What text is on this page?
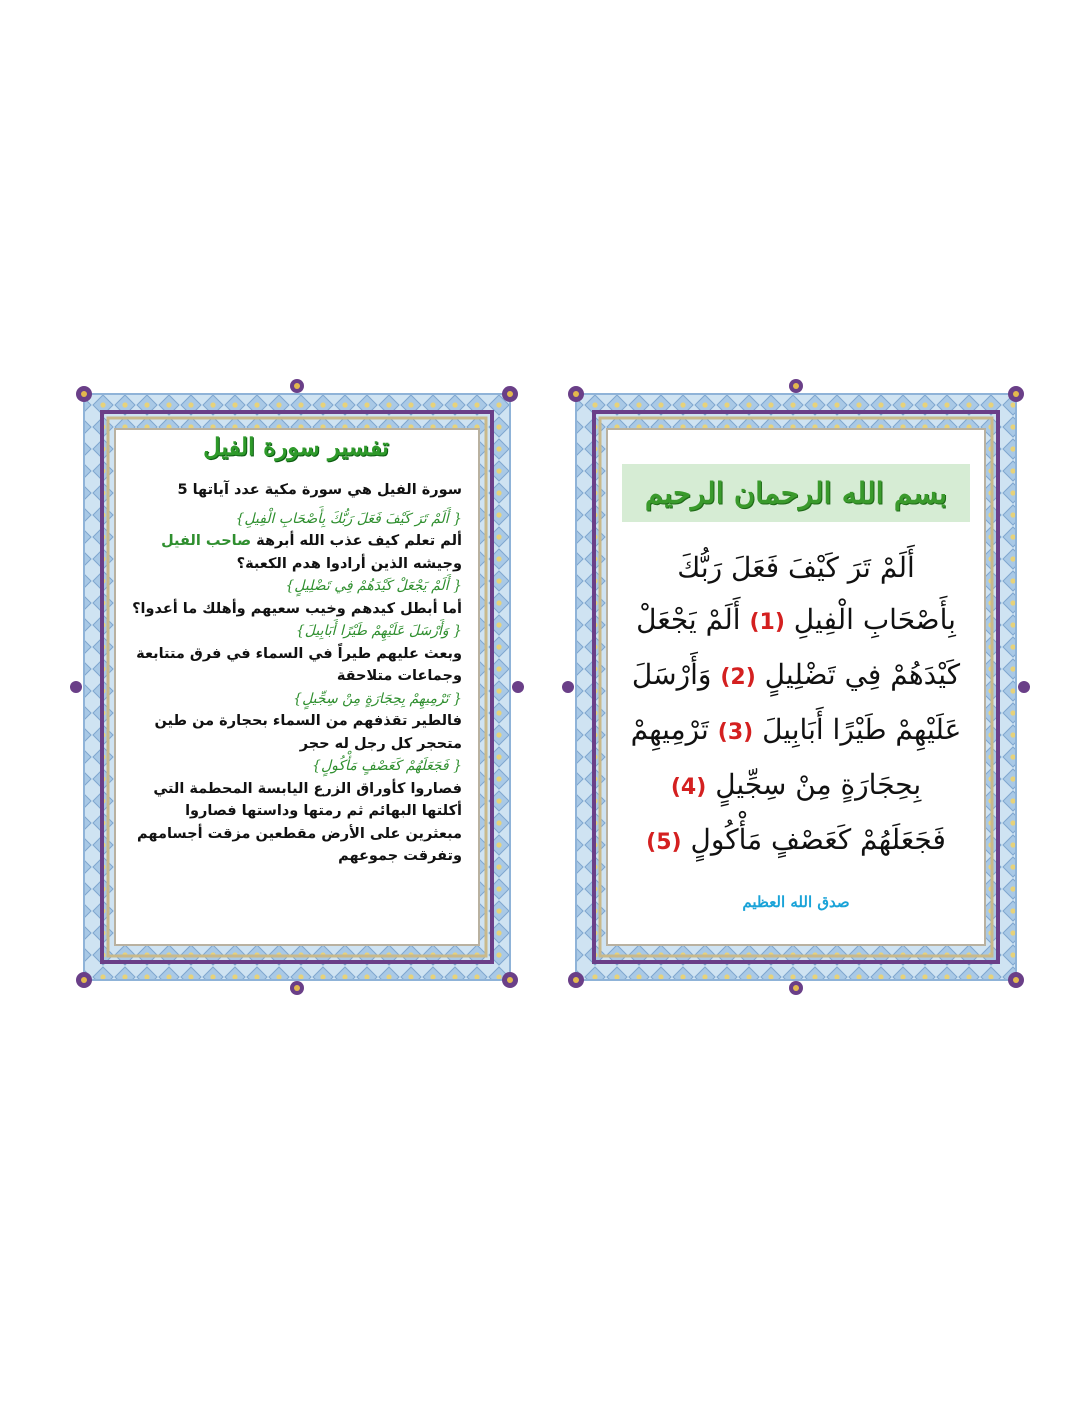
تفسير سورة الفيل
سورة الفيل هي سورة مكية عدد آياتها 5
{ أَلَمْ تَرَ كَيْفَ فَعَلَ رَبُّكَ بِأَصْحَابِ الْفِيلِ}
ألم تعلم كيف عذب الله أبرهة صاحب الفيل وجيشه الذين أرادوا هدم الكعبة؟
{ أَلَمْ يَجْعَلْ كَيْدَهُمْ فِي تَضْلِيلٍ}
أما أبطل كيدهم وخيب سعيهم وأهلك ما أعدوا؟
{ وَأَرْسَلَ عَلَيْهِمْ طَيْرًا أَبَابِيلَ}
وبعث عليهم طيراً في السماء في فرق متتابعة وجماعات متلاحقة
{ تَرْمِيهِمْ بِحِجَارَةٍ مِنْ سِجِّيلٍ}
فالطير تقذفهم من السماء بحجارة من طين متحجر كل رجل له حجر
{ فَجَعَلَهُمْ كَعَصْفٍ مَأْكُولٍ}
فصاروا كأوراق الزرع اليابسة المحطمة التي أكلتها البهائم ثم رمتها وداستها فصاروا مبعثرين على الأرض مقطعين مزقت أجسامهم وتفرقت جموعهم
بسم الله الرحمان الرحيم
أَلَمْ تَرَ كَيْفَ فَعَلَ رَبُّكَ
بِأَصْحَابِ الْفِيلِ (1) أَلَمْ يَجْعَلْ
كَيْدَهُمْ فِي تَضْلِيلٍ (2) وَأَرْسَلَ
عَلَيْهِمْ طَيْرًا أَبَابِيلَ (3) تَرْمِيهِمْ
بِحِجَارَةٍ مِنْ سِجِّيلٍ (4)
فَجَعَلَهُمْ كَعَصْفٍ مَأْكُولٍ (5)
صدق الله العظيم
